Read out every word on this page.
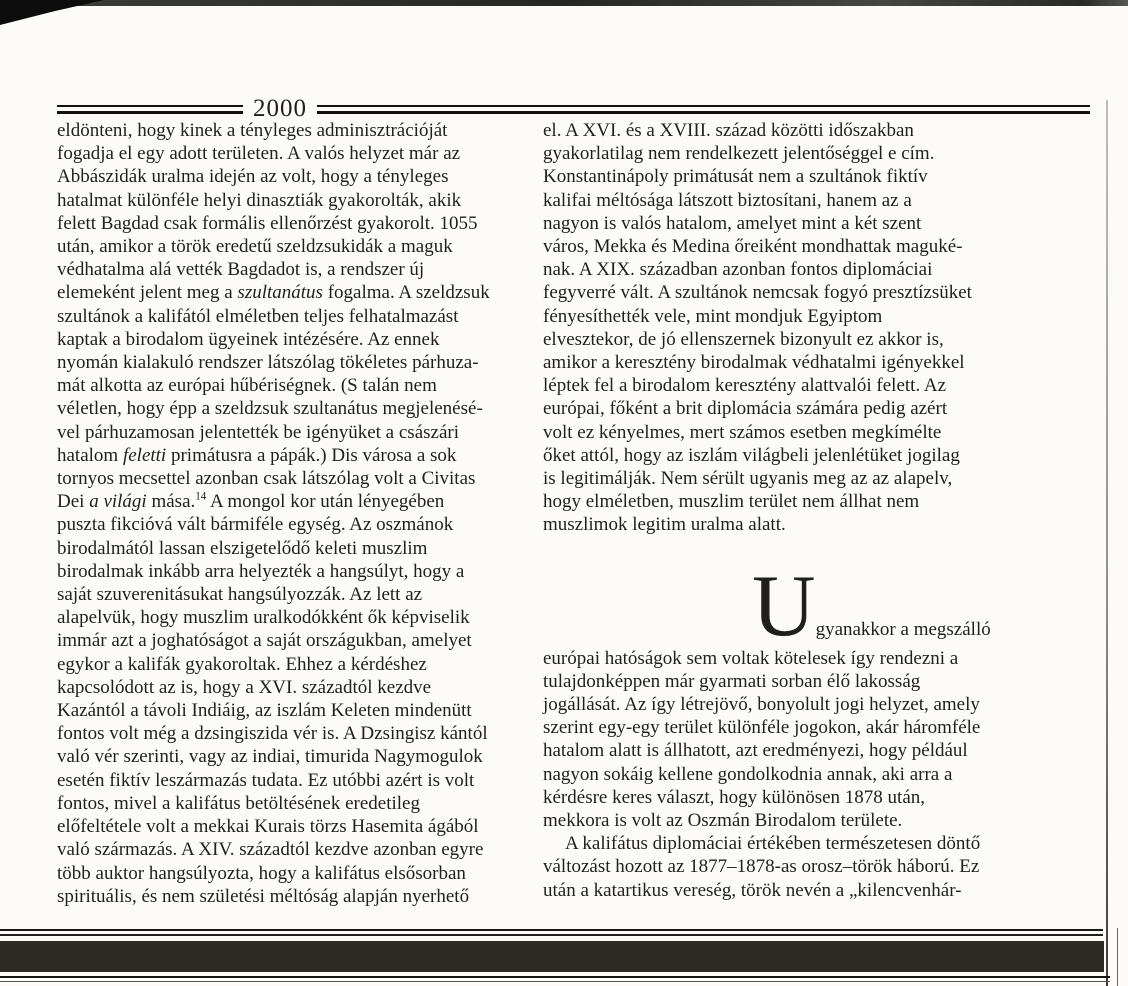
2000
eldönteni, hogy kinek a tényleges adminisztrációját
fogadja el egy adott területen. A valós helyzet már az
Abbászidák uralma idején az volt, hogy a tényleges
hatalmat különféle helyi dinasztiák gyakorolták, akik
felett Bagdad csak formális ellenőrzést gyakorolt. 1055
után, amikor a török eredetű szeldzsukidák a maguk
védhatalma alá vették Bagdadot is, a rendszer új
elemeként jelent meg a szultanátus fogalma. A szeldzsuk
szultánok a kalifától elméletben teljes felhatalmazást
kaptak a birodalom ügyeinek intézésére. Az ennek
nyomán kialakuló rendszer látszólag tökéletes párhuza-
mát alkotta az európai hűbériségnek. (S talán nem
véletlen, hogy épp a szeldzsuk szultanátus megjelenésé-
vel párhuzamosan jelentették be igényüket a császári
hatalom feletti primátusra a pápák.) Dis városa a sok
tornyos mecsettel azonban csak látszólag volt a Civitas
Dei a világi mása.$^{14}$ A mongol kor után lényegében
puszta fikcióvá vált bármiféle egység. Az oszmánok
birodalmától lassan elszigetelődő keleti muszlim
birodalmak inkább arra helyezték a hangsúlyt, hogy a
saját szuverenitásukat hangsúlyozzák. Az lett az
alapelvük, hogy muszlim uralkodókként ők képviselik
immár azt a joghatóságot a saját országukban, amelyet
egykor a kalifák gyakoroltak. Ehhez a kérdéshez
kapcsolódott az is, hogy a XVI. századtól kezdve
Kazántól a távoli Indiáig, az iszlám Keleten mindenütt
fontos volt még a dzsingiszida vér is. A Dzsingisz kántól
való vér szerinti, vagy az indiai, timurida Nagymogulok
esetén fiktív leszármazás tudata. Ez utóbbi azért is volt
fontos, mivel a kalifátus betöltésének eredetileg
előfeltétele volt a mekkai Kurais törzs Hasemita ágából
való származás. A XIV. századtól kezdve azonban egyre
több auktor hangsúlyozta, hogy a kalifátus elsősorban
spirituális, és nem születési méltóság alapján nyerhető
el. A XVI. és a XVIII. század közötti időszakban
gyakorlatilag nem rendelkezett jelentőséggel e cím.
Konstantinápoly primátusát nem a szultánok fiktív
kalifai méltósága látszott biztosítani, hanem az a
nagyon is valós hatalom, amelyet mint a két szent
város, Mekka és Medina őreiként mondhattak maguké-
nak. A XIX. században azonban fontos diplomáciai
fegyverré vált. A szultánok nemcsak fogyó presztízsüket
fényesíthették vele, mint mondjuk Egyiptom
elvesztekor, de jó ellenszernek bizonyult ez akkor is,
amikor a keresztény birodalmak védhatalmi igényekkel
léptek fel a birodalom keresztény alattvalói felett. Az
európai, főként a brit diplomácia számára pedig azért
volt ez kényelmes, mert számos esetben megkímélte
őket attól, hogy az iszlám világbeli jelenlétüket jogilag
is legitimálják. Nem sérült ugyanis meg az az alapelv,
hogy elméletben, muszlim terület nem állhat nem
muszlimok legitim uralma alatt.
U gyanakkor a megszálló
európai hatóságok sem voltak kötelesek így rendezni a
tulajdonképpen már gyarmati sorban élő lakosság
jogállását. Az így létrejövő, bonyolult jogi helyzet, amely
szerint egy-egy terület különféle jogokon, akár háromféle
hatalom alatt is állhatott, azt eredményezi, hogy például
nagyon sokáig kellene gondolkodnia annak, aki arra a
kérdésre keres választ, hogy különösen 1878 után,
mekkora is volt az Oszmán Birodalom területe.
A kalifátus diplomáciai értékében természetesen döntő
változást hozott az 1877–1878-as orosz–török háború. Ez
után a katartikus vereség, török nevén a „kilencvenhár-
